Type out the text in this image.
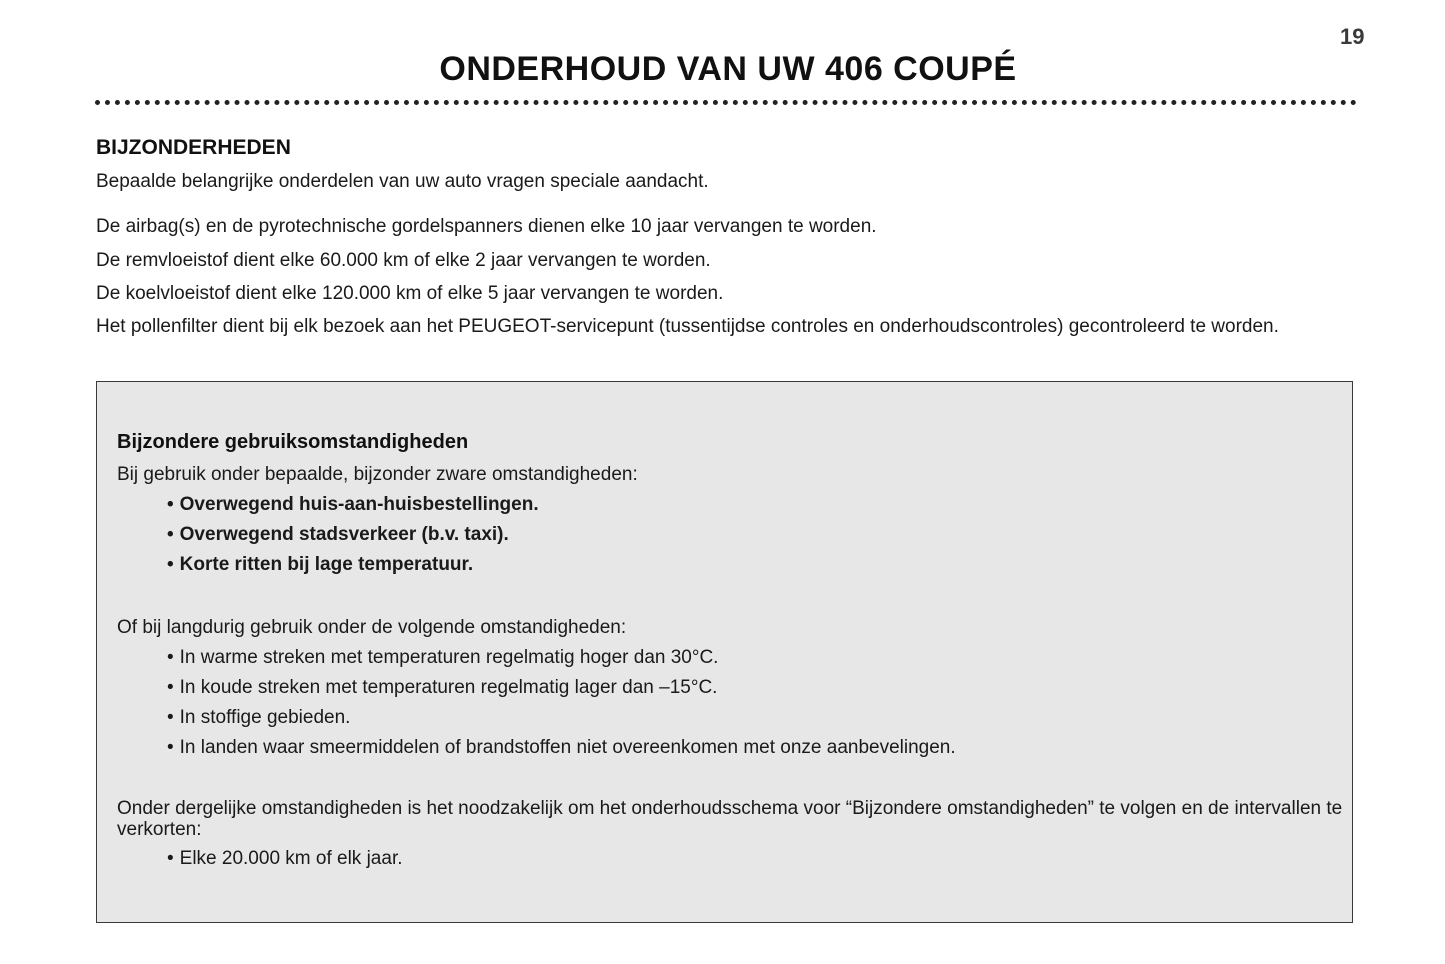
19
ONDERHOUD VAN UW 406 COUPÉ
BIJZONDERHEDEN
Bepaalde belangrijke onderdelen van uw auto vragen speciale aandacht.
De airbag(s) en de pyrotechnische gordelspanners dienen elke 10 jaar vervangen te worden.
De remvloeistof dient elke 60.000 km of elke 2 jaar vervangen te worden.
De koelvloeistof dient elke 120.000 km of elke 5 jaar vervangen te worden.
Het pollenfilter dient bij elk bezoek aan het PEUGEOT-servicepunt (tussentijdse controles en onderhoudscontroles) gecontroleerd te worden.
Bijzondere gebruiksomstandigheden
Bij gebruik onder bepaalde, bijzonder zware omstandigheden:
• Overwegend huis-aan-huisbestellingen.
• Overwegend stadsverkeer (b.v. taxi).
• Korte ritten bij lage temperatuur.
Of bij langdurig gebruik onder de volgende omstandigheden:
• In warme streken met temperaturen regelmatig hoger dan 30°C.
• In koude streken met temperaturen regelmatig lager dan –15°C.
• In stoffige gebieden.
• In landen waar smeermiddelen of brandstoffen niet overeenkomen met onze aanbevelingen.
Onder dergelijke omstandigheden is het noodzakelijk om het onderhoudsschema voor “Bijzondere omstandigheden” te volgen en de intervallen te verkorten:
• Elke 20.000 km of elk jaar.
